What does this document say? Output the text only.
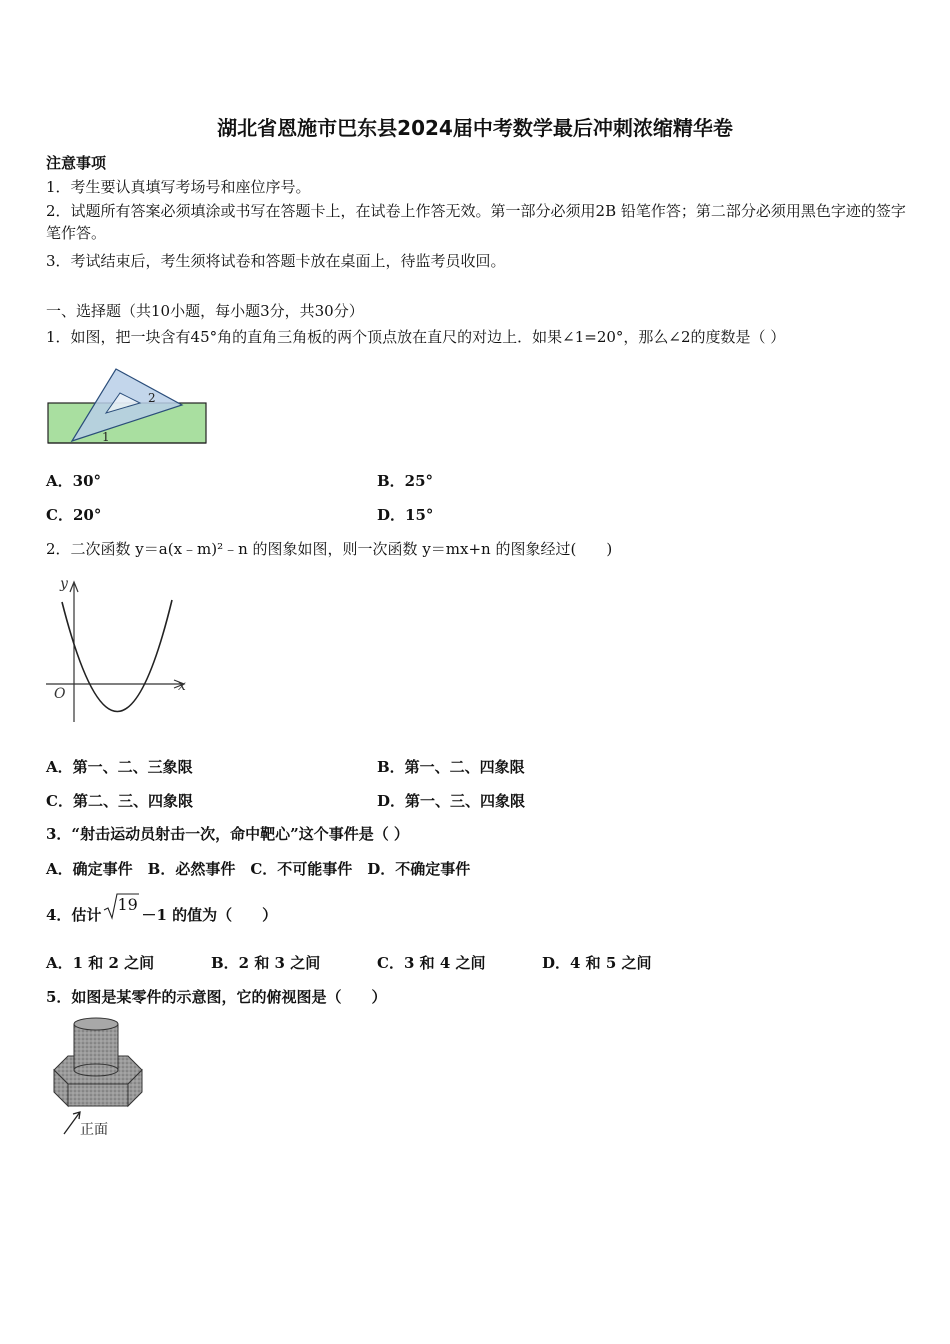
湖北省恩施市巴东县2024届中考数学最后冲刺浓缩精华卷
注意事项
1．考生要认真填写考场号和座位序号。
2．试题所有答案必须填涂或书写在答题卡上，在试卷上作答无效。第一部分必须用2B 铅笔作答；第二部分必须用黑色字迹的签字笔作答。
3．考试结束后，考生须将试卷和答题卡放在桌面上，待监考员收回。
一、选择题（共10小题，每小题3分，共30分）
1．如图，把一块含有45°角的直角三角板的两个顶点放在直尺的对边上．如果∠1=20°，那么∠2的度数是（ ）
2
1
A．30°	B．25°
C．20°	D．15°
2．二次函数 y＝a(x﹣m)²﹣n 的图象如图，则一次函数 y＝mx+n 的图象经过(　　)
y
x
O
A．第一、二、三象限	B．第一、二、四象限
C．第二、三、四象限	D．第一、三、四象限
3．“射击运动员射击一次，命中靶心”这个事件是（ ）
A．确定事件　B．必然事件　C．不可能事件　D．不确定事件
4．估计
19
－1 的值为（　　）
A．1 和 2 之间	B．2 和 3 之间	C．3 和 4 之间	D．4 和 5 之间
5．如图是某零件的示意图，它的俯视图是（　　）
正面
